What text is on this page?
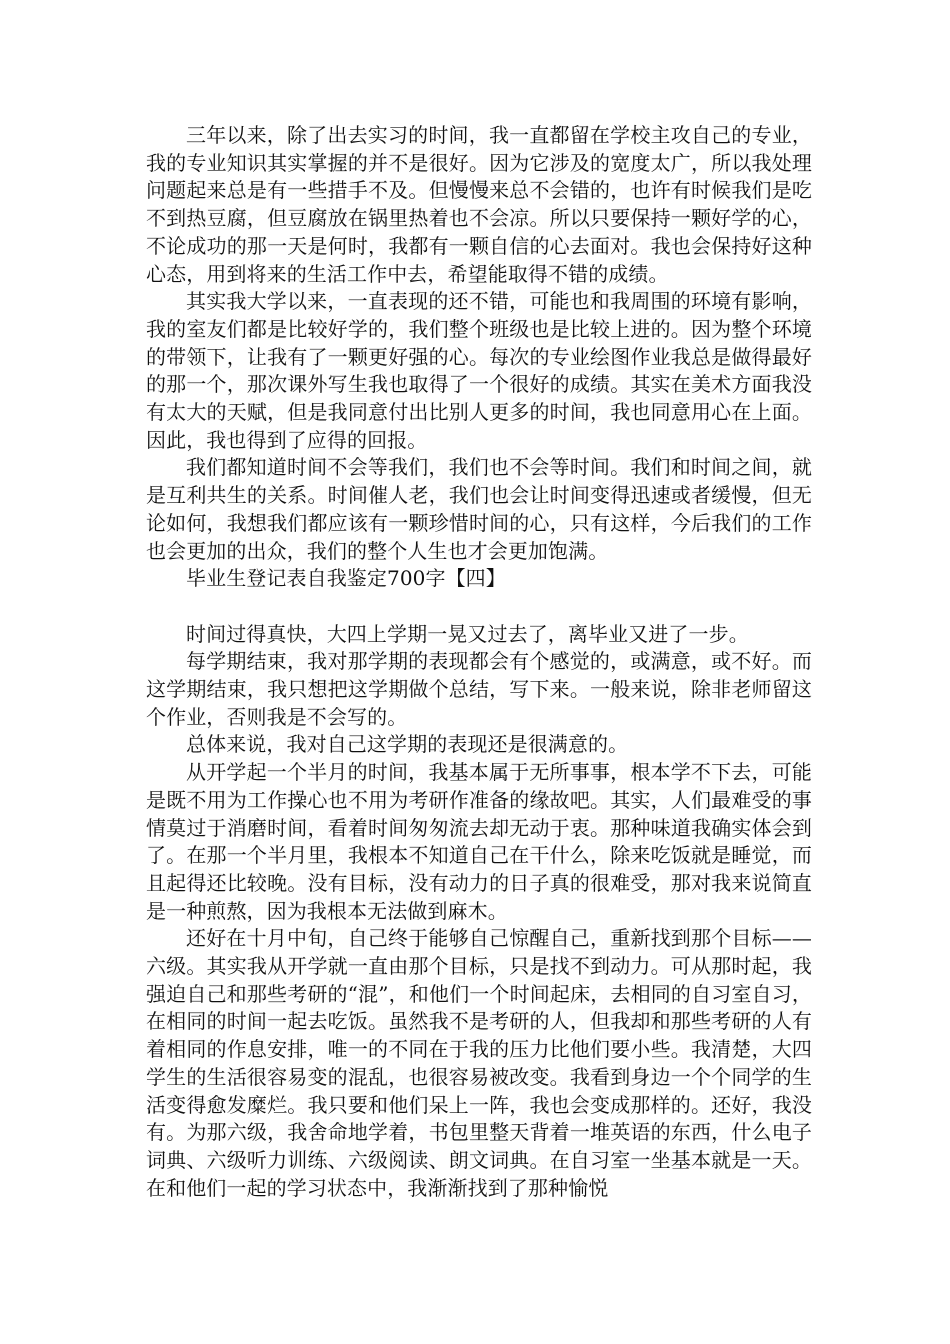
三年以来，除了出去实习的时间，我一直都留在学校主攻自己的专业，我的专业知识其实掌握的并不是很好。因为它涉及的宽度太广，所以我处理问题起来总是有一些措手不及。但慢慢来总不会错的，也许有时候我们是吃不到热豆腐，但豆腐放在锅里热着也不会凉。所以只要保持一颗好学的心，不论成功的那一天是何时，我都有一颗自信的心去面对。我也会保持好这种心态，用到将来的生活工作中去，希望能取得不错的成绩。

其实我大学以来，一直表现的还不错，可能也和我周围的环境有影响，我的室友们都是比较好学的，我们整个班级也是比较上进的。因为整个环境的带领下，让我有了一颗更好强的心。每次的专业绘图作业我总是做得最好的那一个，那次课外写生我也取得了一个很好的成绩。其实在美术方面我没有太大的天赋，但是我同意付出比别人更多的时间，我也同意用心在上面。因此，我也得到了应得的回报。

我们都知道时间不会等我们，我们也不会等时间。我们和时间之间，就是互利共生的关系。时间催人老，我们也会让时间变得迅速或者缓慢，但无论如何，我想我们都应该有一颗珍惜时间的心，只有这样，今后我们的工作也会更加的出众，我们的整个人生也才会更加饱满。

毕业生登记表自我鉴定700字【四】

时间过得真快，大四上学期一晃又过去了，离毕业又进了一步。

每学期结束，我对那学期的表现都会有个感觉的，或满意，或不好。而这学期结束，我只想把这学期做个总结，写下来。一般来说，除非老师留这个作业，否则我是不会写的。

总体来说，我对自己这学期的表现还是很满意的。

从开学起一个半月的时间，我基本属于无所事事，根本学不下去，可能是既不用为工作操心也不用为考研作准备的缘故吧。其实，人们最难受的事情莫过于消磨时间，看着时间匆匆流去却无动于衷。那种味道我确实体会到了。在那一个半月里，我根本不知道自己在干什么，除来吃饭就是睡觉，而且起得还比较晚。没有目标，没有动力的日子真的很难受，那对我来说简直是一种煎熬，因为我根本无法做到麻木。

还好在十月中旬，自己终于能够自己惊醒自己，重新找到那个目标——六级。其实我从开学就一直由那个目标，只是找不到动力。可从那时起，我强迫自己和那些考研的“混”，和他们一个时间起床，去相同的自习室自习，在相同的时间一起去吃饭。虽然我不是考研的人，但我却和那些考研的人有着相同的作息安排，唯一的不同在于我的压力比他们要小些。我清楚，大四学生的生活很容易变的混乱，也很容易被改变。我看到身边一个个同学的生活变得愈发糜烂。我只要和他们呆上一阵，我也会变成那样的。还好，我没有。为那六级，我舍命地学着，书包里整天背着一堆英语的东西，什么电子词典、六级听力训练、六级阅读、朗文词典。在自习室一坐基本就是一天。在和他们一起的学习状态中，我渐渐找到了那种愉悦
